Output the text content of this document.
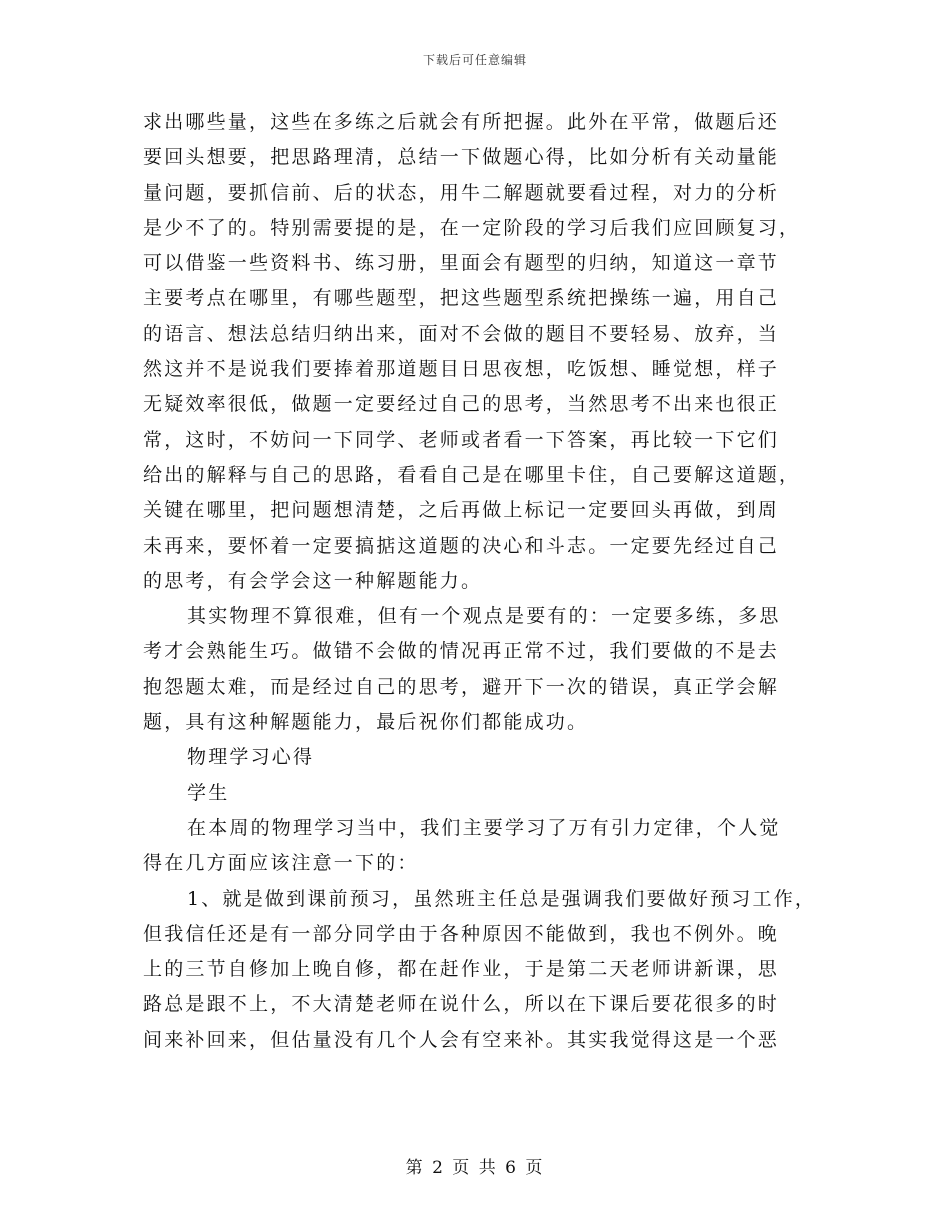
下载后可任意编辑
求出哪些量，这些在多练之后就会有所把握。此外在平常，做题后还
要回头想要，把思路理清，总结一下做题心得，比如分析有关动量能
量问题，要抓信前、后的状态，用牛二解题就要看过程，对力的分析
是少不了的。特别需要提的是，在一定阶段的学习后我们应回顾复习，
可以借鉴一些资料书、练习册，里面会有题型的归纳，知道这一章节
主要考点在哪里，有哪些题型，把这些题型系统把操练一遍，用自己
的语言、想法总结归纳出来，面对不会做的题目不要轻易、放弃，当
然这并不是说我们要捧着那道题目日思夜想，吃饭想、睡觉想，样子
无疑效率很低，做题一定要经过自己的思考，当然思考不出来也很正
常，这时，不妨问一下同学、老师或者看一下答案，再比较一下它们
给出的解释与自己的思路，看看自己是在哪里卡住，自己要解这道题，
关键在哪里，把问题想清楚，之后再做上标记一定要回头再做，到周
未再来，要怀着一定要搞掂这道题的决心和斗志。一定要先经过自己
的思考，有会学会这一种解题能力。
其实物理不算很难，但有一个观点是要有的：一定要多练，多思
考才会熟能生巧。做错不会做的情况再正常不过，我们要做的不是去
抱怨题太难，而是经过自己的思考，避开下一次的错误，真正学会解
题，具有这种解题能力，最后祝你们都能成功。
物理学习心得
学生
在本周的物理学习当中，我们主要学习了万有引力定律，个人觉
得在几方面应该注意一下的：
1、就是做到课前预习，虽然班主任总是强调我们要做好预习工作，
但我信任还是有一部分同学由于各种原因不能做到，我也不例外。晚
上的三节自修加上晚自修，都在赶作业，于是第二天老师讲新课，思
路总是跟不上，不大清楚老师在说什么，所以在下课后要花很多的时
间来补回来，但估量没有几个人会有空来补。其实我觉得这是一个恶
第 2 页 共 6 页
